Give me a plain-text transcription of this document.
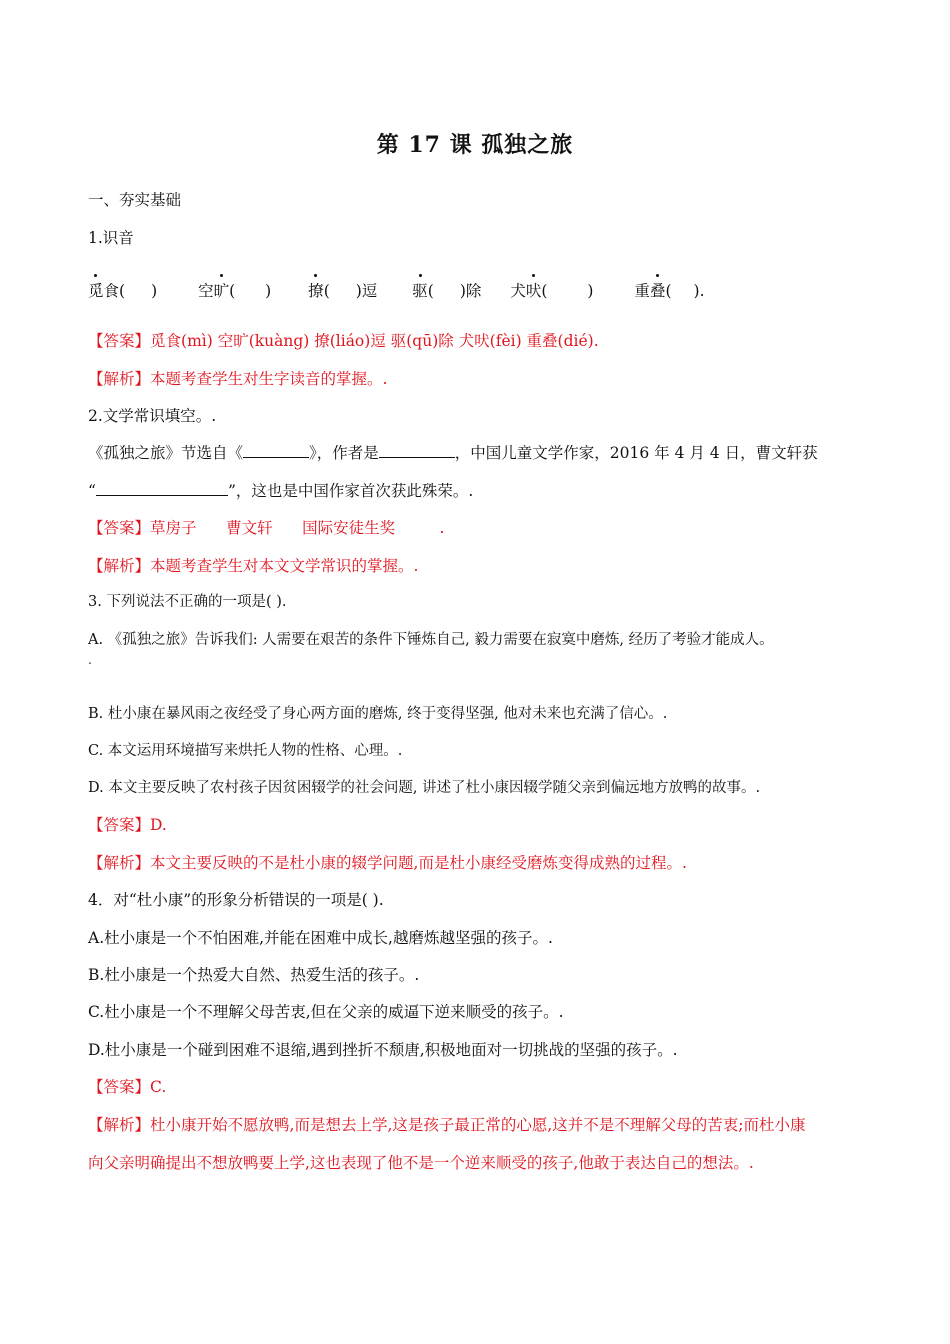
第 17 课 孤独之旅
一、夯实基础
1.识音
觅食( )	空旷( ) 撩( )逗 驱( )除 犬吠(	)	重叠( ).
【答案】觅食(mì) 空旷(kuàng) 撩(liáo)逗 驱(qū)除 犬吠(fèi) 重叠(dié).
【解析】本题考查学生对生字读音的掌握。.
2.文学常识填空。.
《孤独之旅》节选自《	》，作者是	，中国儿童文学作家，2016 年 4 月 4 日，曹文轩获
“	”，这也是中国作家首次获此殊荣。.
【答案】草房子      曹文轩      国际安徒生奖         .
【解析】本题考查学生对本文文学常识的掌握。.
3. 下列说法不正确的一项是( ).
A. 《孤独之旅》告诉我们: 人需要在艰苦的条件下锤炼自己, 毅力需要在寂寞中磨炼, 经历了考验才能成人。
.
B. 杜小康在暴风雨之夜经受了身心两方面的磨炼, 终于变得坚强, 他对未来也充满了信心。.
C. 本文运用环境描写来烘托人物的性格、心理。.
D. 本文主要反映了农村孩子因贫困辍学的社会问题, 讲述了杜小康因辍学随父亲到偏远地方放鸭的故事。.
【答案】D.
【解析】本文主要反映的不是杜小康的辍学问题,而是杜小康经受磨炼变得成熟的过程。.
4．对“杜小康”的形象分析错误的一项是( ).
A.杜小康是一个不怕困难,并能在困难中成长,越磨炼越坚强的孩子。.
B.杜小康是一个热爱大自然、热爱生活的孩子。.
C.杜小康是一个不理解父母苦衷,但在父亲的威逼下逆来顺受的孩子。.
D.杜小康是一个碰到困难不退缩,遇到挫折不颓唐,积极地面对一切挑战的坚强的孩子。.
【答案】C.
【解析】杜小康开始不愿放鸭,而是想去上学,这是孩子最正常的心愿,这并不是不理解父母的苦衷;而杜小康
向父亲明确提出不想放鸭要上学,这也表现了他不是一个逆来顺受的孩子,他敢于表达自己的想法。.
